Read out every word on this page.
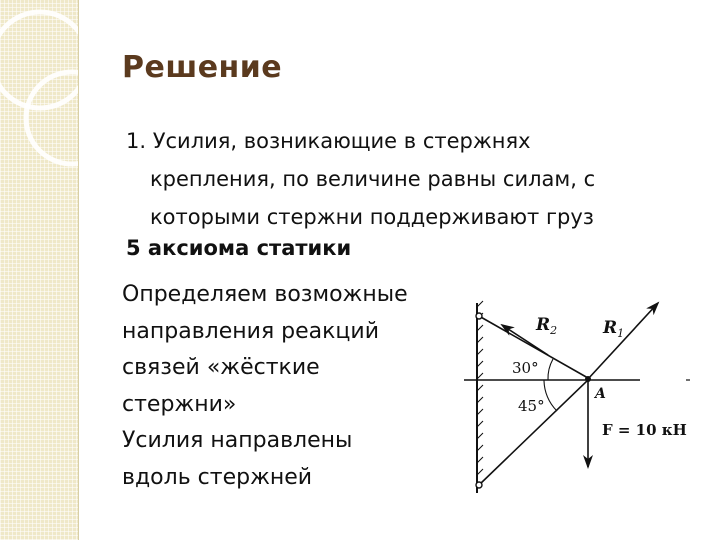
Решение
1. Усилия, возникающие в стержнях
крепления, по величине равны силам, с
которыми стержни поддерживают груз
5 аксиома статики
Определяем возможные
направления реакций
связей «жёсткие
стержни»
Усилия направлены
вдоль стержней
$R_2$	$R_1$
30°
45°
A
F = 10 кН
